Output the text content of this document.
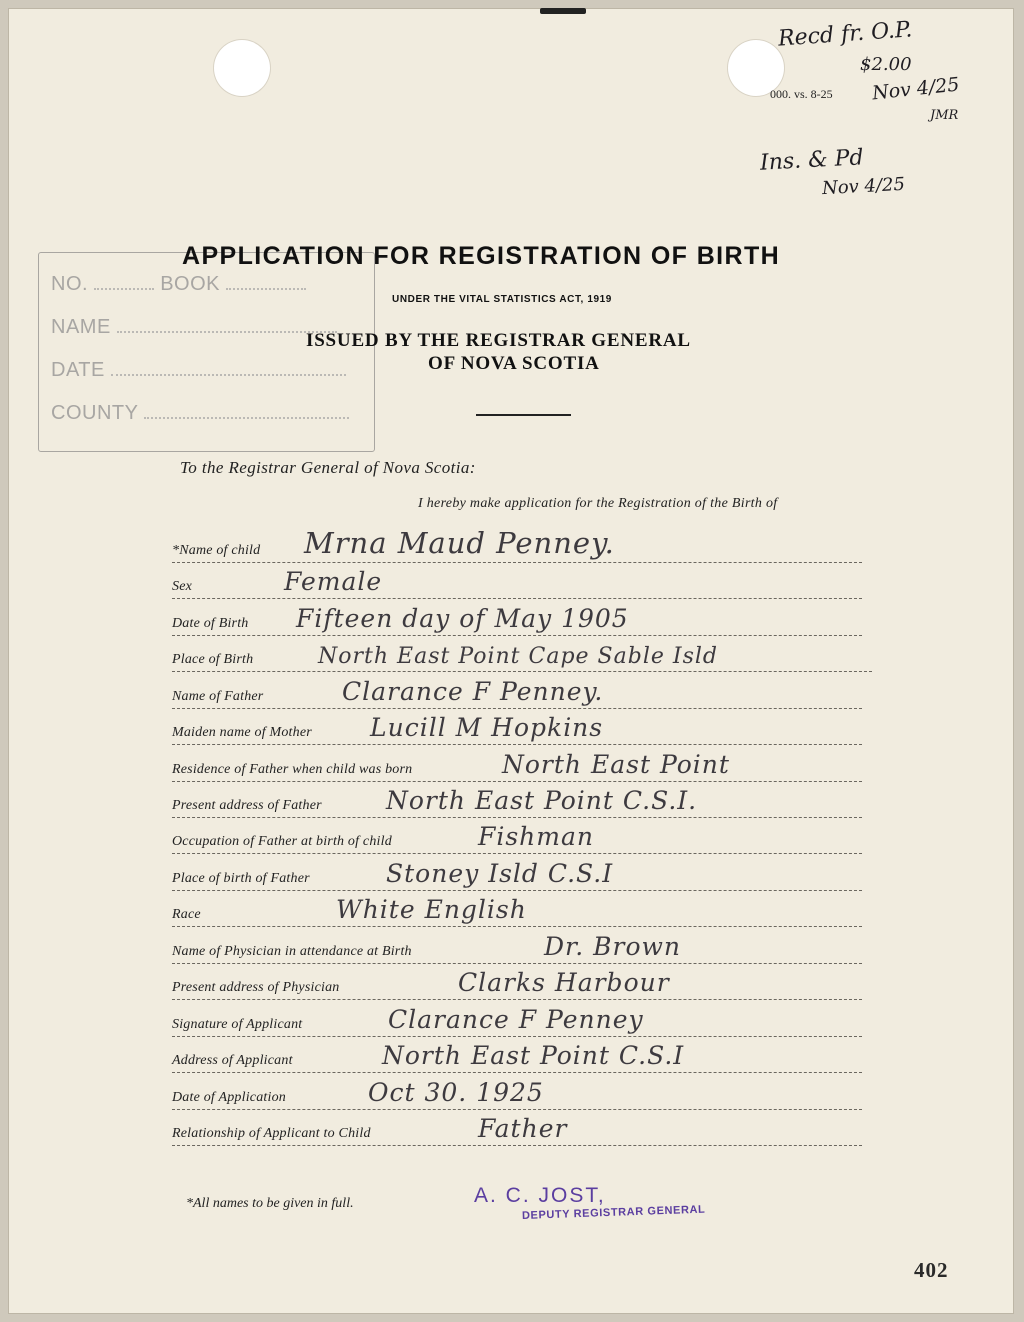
000. vs. 8-25
Recd fr. O.P.
$2.00
Nov 4/25
JMR
Ins. & Pd
Nov 4/25
NO.	BOOK
NAME
DATE
COUNTY
APPLICATION FOR REGISTRATION OF BIRTH
UNDER THE VITAL STATISTICS ACT, 1919
ISSUED BY THE REGISTRAR GENERAL
OF NOVA SCOTIA
To the Registrar General of Nova Scotia:
I hereby make application for the Registration of the Birth of
*Name of child Mrna Maud Penney.
Sex	Female
Date of Birth Fifteen day of May 1905
Place of Birth	North East Point Cape Sable Isld
Name of Father	Clarance F Penney.
Maiden name of Mother Lucill M Hopkins
Residence of Father when child was born	North East Point
Present address of Father	North East Point C.S.I.
Occupation of Father at birth of child	Fishman
Place of birth of Father	Stoney Isld C.S.I
Race	White English
Name of Physician in attendance at Birth	Dr. Brown
Present address of Physician	Clarks Harbour
Signature of Applicant	Clarance F Penney
Address of Applicant	North East Point C.S.I
Date of Application	Oct 30. 1925
Relationship of Applicant to Child	Father
*All names to be given in full.	A. C. JOST,
DEPUTY REGISTRAR GENERAL
402
